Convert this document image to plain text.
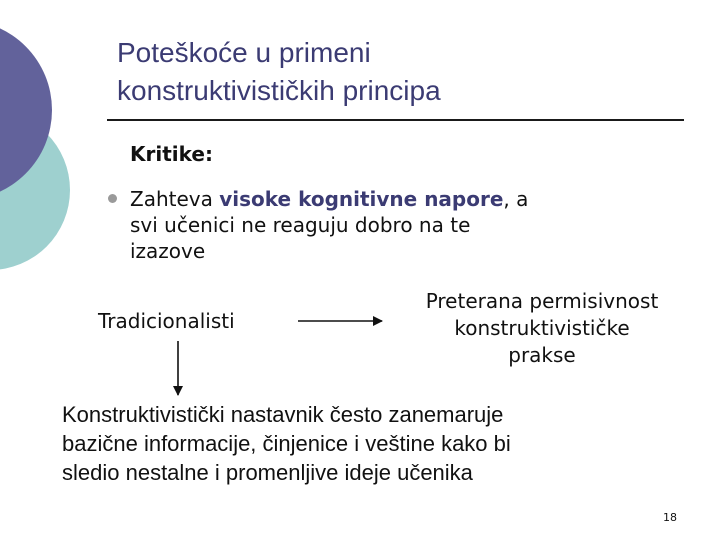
Poteškoće u primeni
konstruktivističkih principa
Kritike:
Zahteva visoke kognitivne napore, a
svi učenici ne reaguju dobro na te
izazove
Tradicionalisti
Preterana permisivnost
konstruktivističke
prakse
Konstruktivistički nastavnik često zanemaruje
bazične informacije, činjenice i veštine kako bi
sledio nestalne i promenljive ideje učenika
18
